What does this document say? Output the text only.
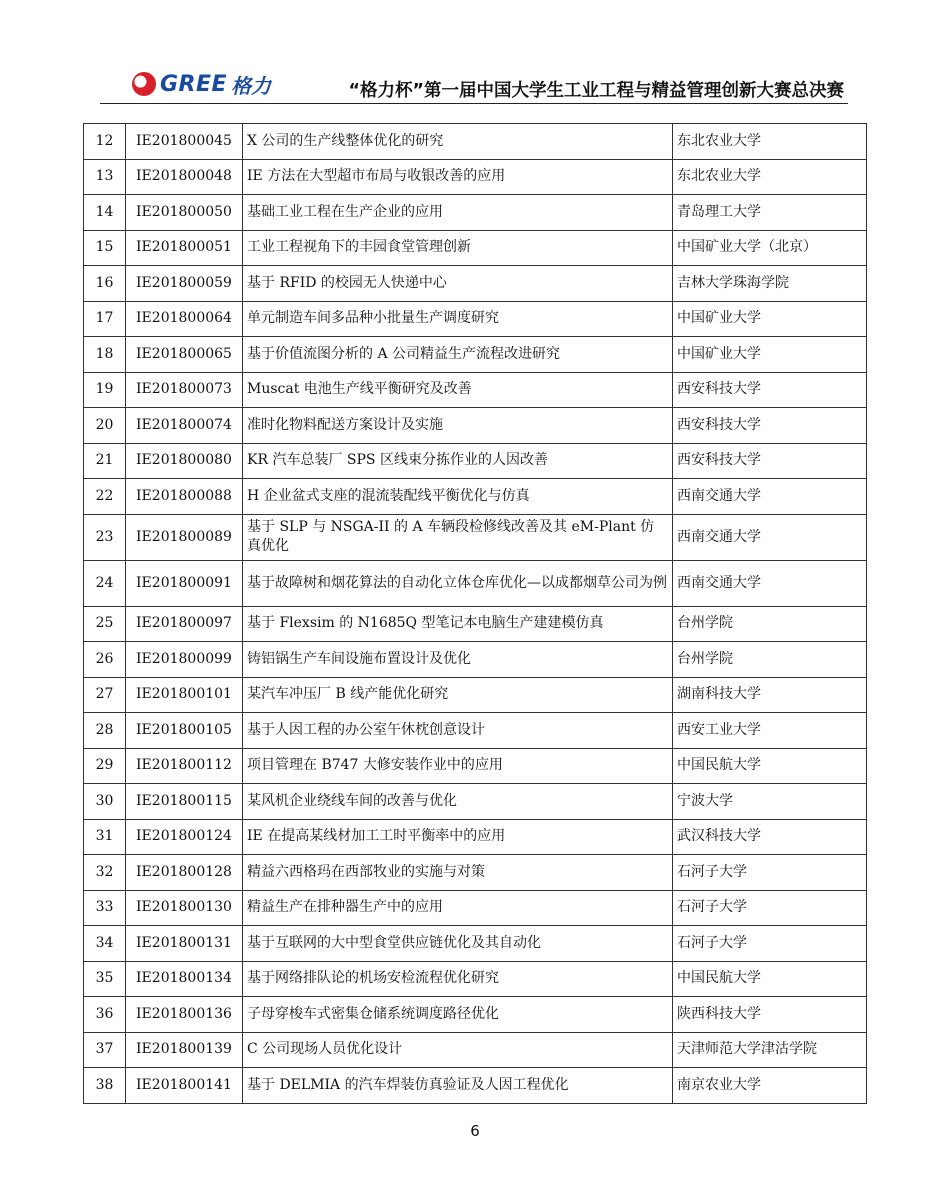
GREE 格力	“格力杯”第一届中国大学生工业工程与精益管理创新大赛总决赛
12	IE201800045	X 公司的生产线整体优化的研究	东北农业大学
13	IE201800048	IE 方法在大型超市布局与收银改善的应用	东北农业大学
14	IE201800050	基础工业工程在生产企业的应用	青岛理工大学
15	IE201800051	工业工程视角下的丰园食堂管理创新	中国矿业大学（北京）
16	IE201800059	基于 RFID 的校园无人快递中心	吉林大学珠海学院
17	IE201800064	单元制造车间多品种小批量生产调度研究	中国矿业大学
18	IE201800065	基于价值流图分析的 A 公司精益生产流程改进研究	中国矿业大学
19	IE201800073	Muscat 电池生产线平衡研究及改善	西安科技大学
20	IE201800074	准时化物料配送方案设计及实施	西安科技大学
21	IE201800080	KR 汽车总装厂 SPS 区线束分拣作业的人因改善	西安科技大学
22	IE201800088	H 企业盆式支座的混流装配线平衡优化与仿真	西南交通大学
23	IE201800089	基于 SLP 与 NSGA-II 的 A 车辆段检修线改善及其 eM-Plant 仿真优化	西南交通大学
24	IE201800091	基于故障树和烟花算法的自动化立体仓库优化—以成都烟草公司为例	西南交通大学
25	IE201800097	基于 Flexsim 的 N1685Q 型笔记本电脑生产建建模仿真	台州学院
26	IE201800099	铸铝锅生产车间设施布置设计及优化	台州学院
27	IE201800101	某汽车冲压厂 B 线产能优化研究	湖南科技大学
28	IE201800105	基于人因工程的办公室午休枕创意设计	西安工业大学
29	IE201800112	项目管理在 B747 大修安装作业中的应用	中国民航大学
30	IE201800115	某风机企业绕线车间的改善与优化	宁波大学
31	IE201800124	IE 在提高某线材加工工时平衡率中的应用	武汉科技大学
32	IE201800128	精益六西格玛在西部牧业的实施与对策	石河子大学
33	IE201800130	精益生产在排种器生产中的应用	石河子大学
34	IE201800131	基于互联网的大中型食堂供应链优化及其自动化	石河子大学
35	IE201800134	基于网络排队论的机场安检流程优化研究	中国民航大学
36	IE201800136	子母穿梭车式密集仓储系统调度路径优化	陕西科技大学
37	IE201800139	C 公司现场人员优化设计	天津师范大学津沽学院
38	IE201800141	基于 DELMIA 的汽车焊装仿真验证及人因工程优化	南京农业大学
6
